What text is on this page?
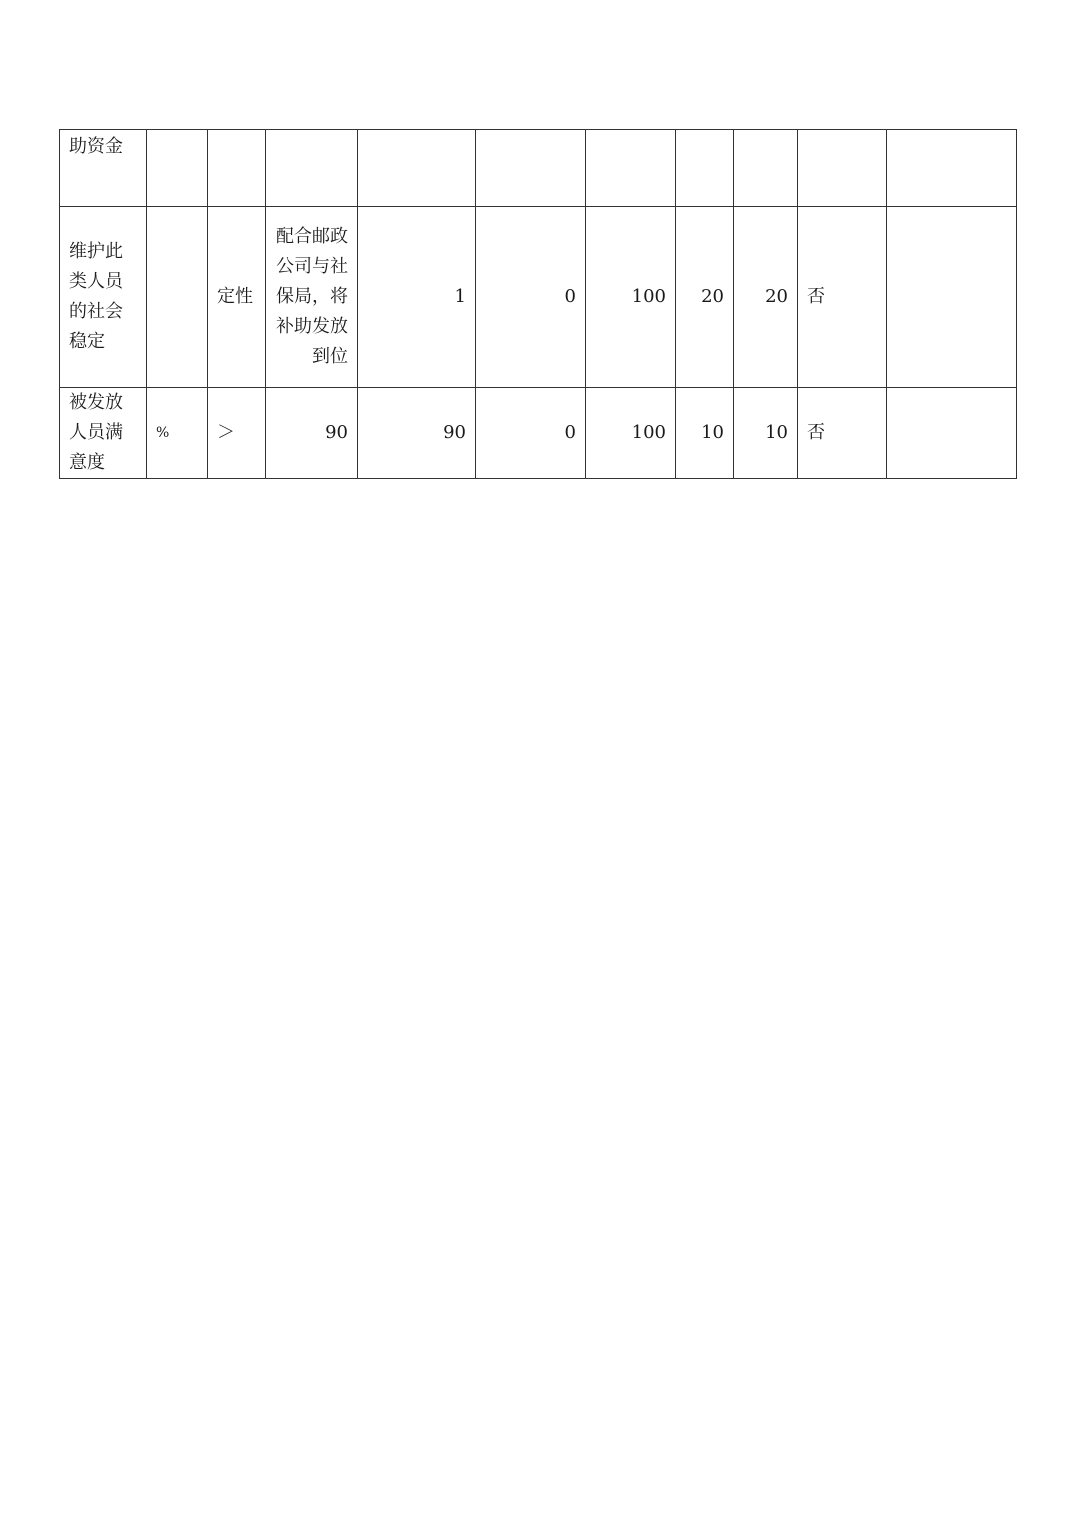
助资金										
维护此类人员的社会稳定		定性	配合邮政公司与社保局，将补助发放到位	1	0	100	20	20	否	
被发放人员满意度	%	＞	90	90	0	100	10	10	否	
